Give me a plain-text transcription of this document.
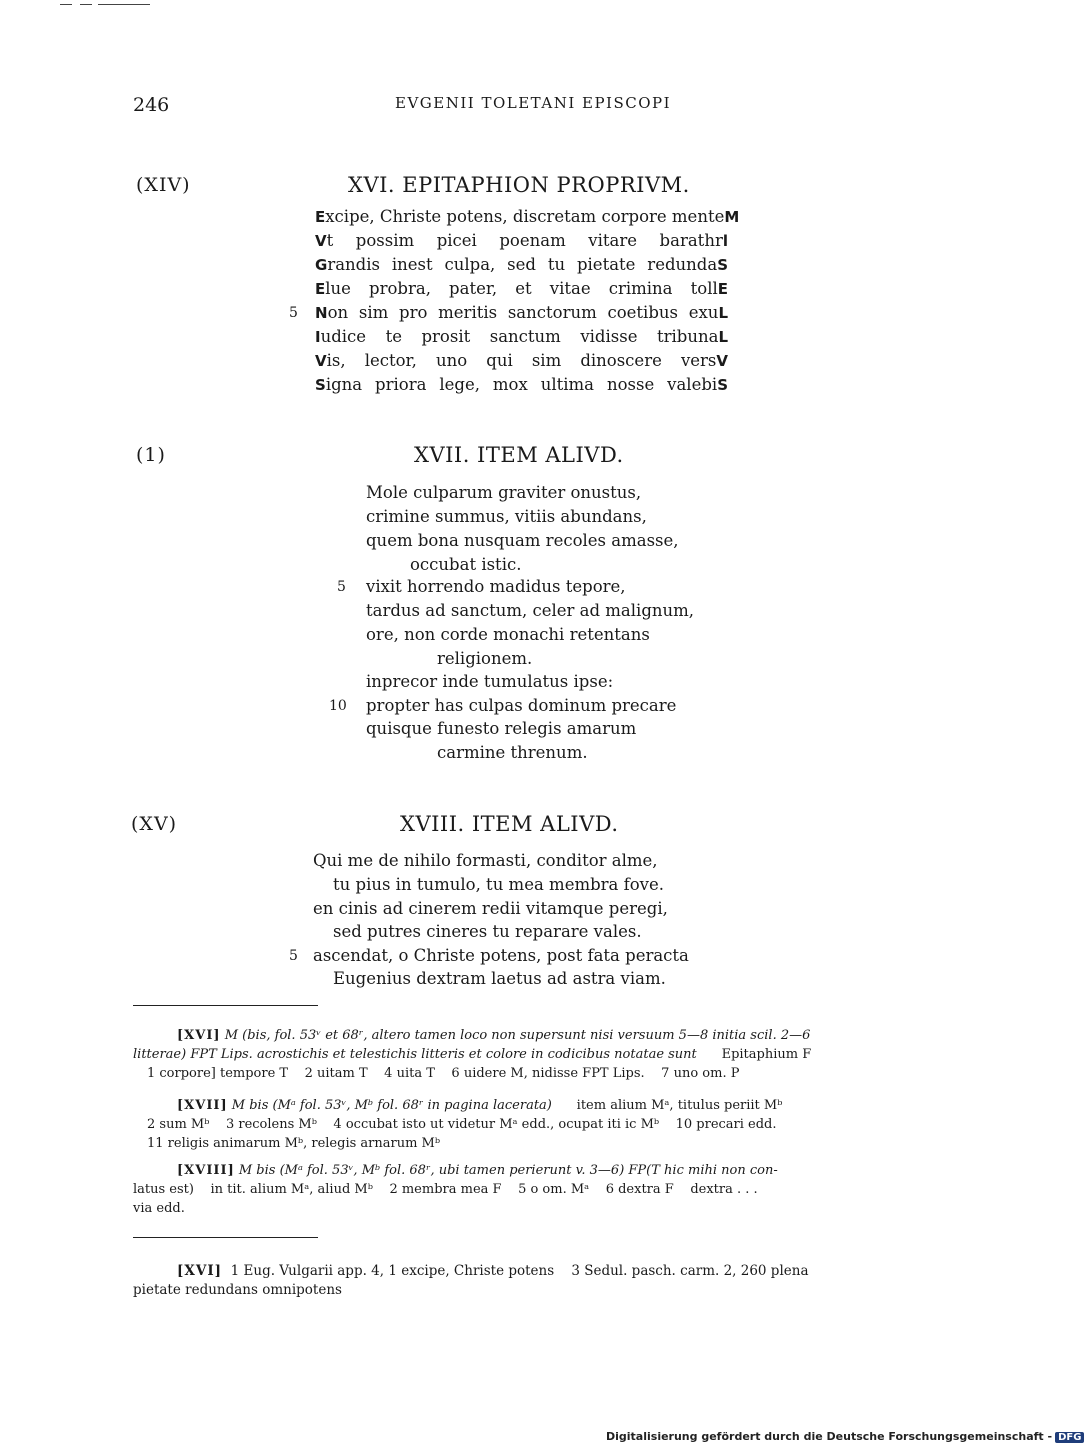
246	EVGENII TOLETANI EPISCOPI
(XIV)	XVI. EPITAPHION PROPRIVM.
Excipe, Christe potens, discretam corpore menteM
Vt possim picei poenam vitare barathrl
Grandis inest culpa, sed tu pietate redundaS
Elue probra, pater, et vitae crimina tollE
Non sim pro meritis sanctorum coetibus exuL
Iudice te prosit sanctum vidisse tribunaL
Vis, lector, uno qui sim dinoscere versV
Signa priora lege, mox ultima nosse valebiS
5
(1)	XVII. ITEM ALIVD.
Mole culparum graviter onustus,
crimine summus, vitiis abundans,
quem bona nusquam recoles amasse,
occubat istic.
vixit horrendo madidus tepore,
tardus ad sanctum, celer ad malignum,
ore, non corde monachi retentans
religionem.
inprecor inde tumulatus ipse:
propter has culpas dominum precare
quisque funesto relegis amarum
carmine threnum.
5
10
(XV)	XVIII. ITEM ALIVD.
Qui me de nihilo formasti, conditor alme,
tu pius in tumulo, tu mea membra fove.
en cinis ad cinerem redii vitamque peregi,
sed putres cineres tu reparare vales.
ascendat, o Christe potens, post fata peracta
Eugenius dextram laetus ad astra viam.
5

[XVI] M (bis, fol. 53ᵛ et 68ʳ, altero tamen loco non supersunt nisi versuum 5—8 initia scil. 2—6

litterae) FPT Lips. acrostichis et telestichis litteris et colore in codicibus notatae sunt Epitaphium F

1 corpore] tempore T    2 uitam T    4 uita T    6 uidere M, nidisse FPT Lips.    7 uno om. P

[XVII] M bis (Mᵃ fol. 53ᵛ, Mᵇ fol. 68ʳ in pagina lacerata) item alium Mᵃ, titulus periit Mᵇ

2 sum Mᵇ    3 recolens Mᵇ    4 occubat isto ut videtur Mᵃ edd., ocupat iti ic Mᵇ    10 precari edd.

11 religis animarum Mᵇ, relegis arnarum Mᵇ

[XVIII] M bis (Mᵃ fol. 53ᵛ, Mᵇ fol. 68ʳ, ubi tamen perierunt v. 3—6) FP(T hic mihi non con-

latus est)    in tit. alium Mᵃ, aliud Mᵇ    2 membra mea F    5 o om. Mᵃ    6 dextra F    dextra . . .

via edd.

[XVI] 1 Eug. Vulgarii app. 4, 1 excipe, Christe potens    3 Sedul. pasch. carm. 2, 260 plena

pietate redundans omnipotens

Digitalisierung gefördert durch die Deutsche Forschungsgemeinschaft - DFG
